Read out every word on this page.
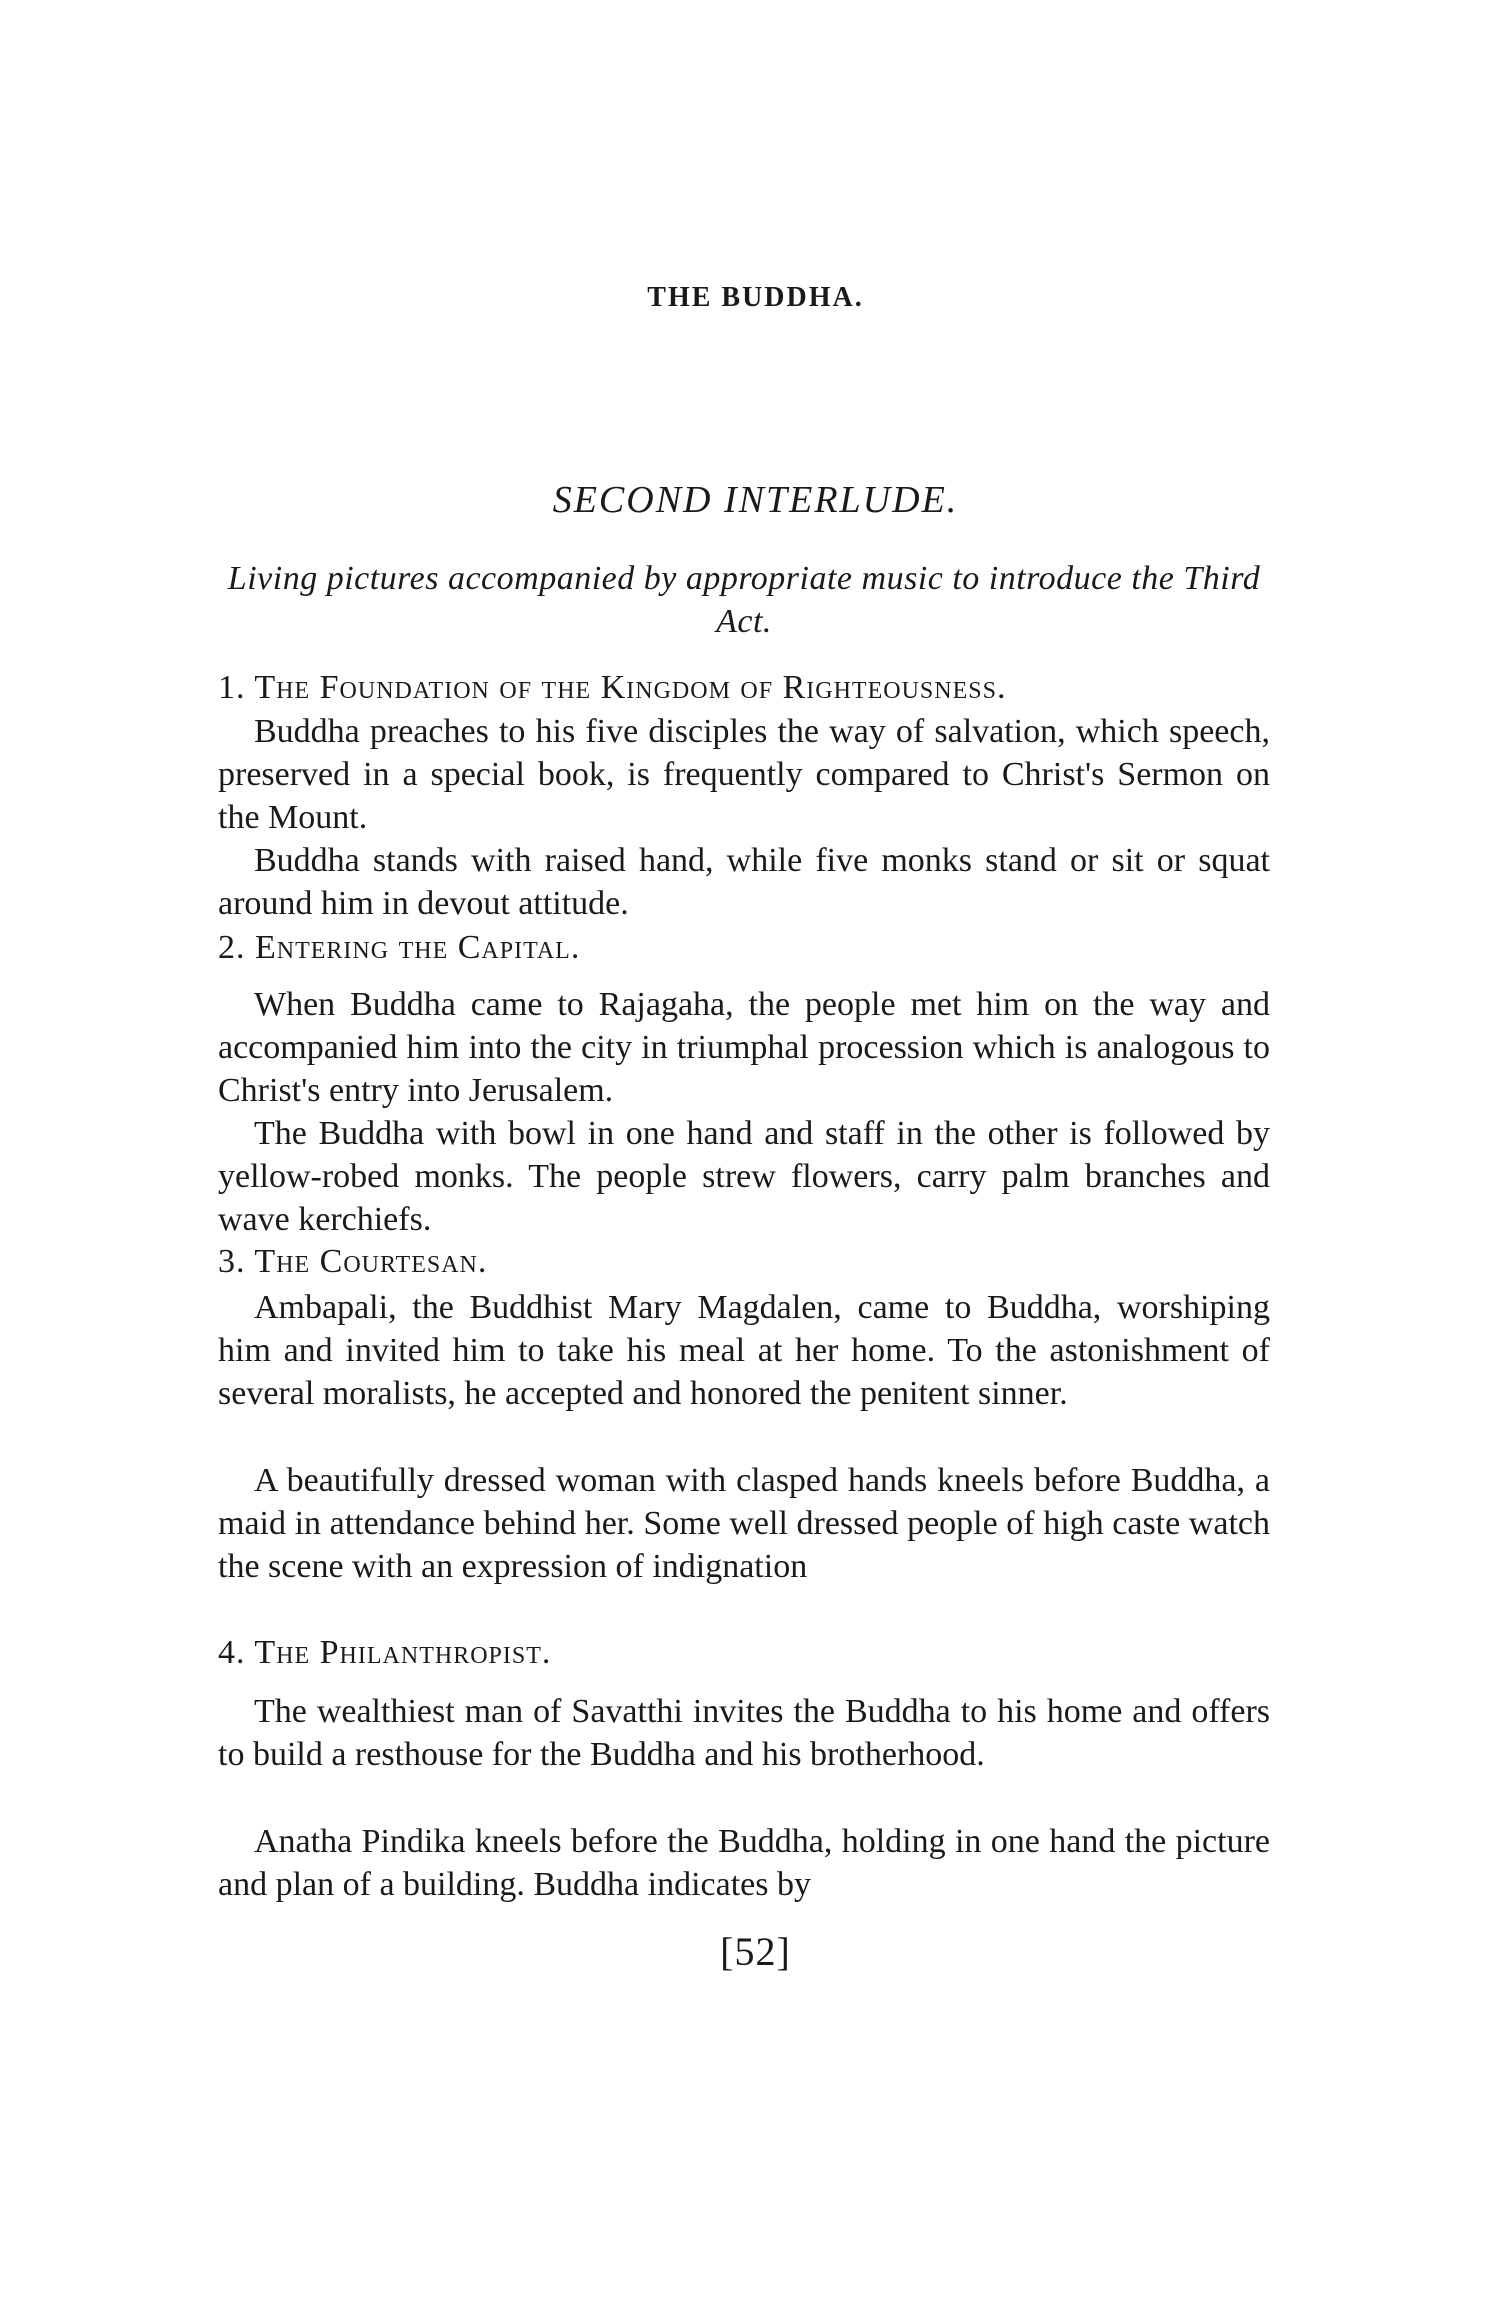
THE BUDDHA.
SECOND INTERLUDE.
Living pictures accompanied by appropriate music to introduce the Third Act.
1. The Foundation of the Kingdom of Righteousness.
Buddha preaches to his five disciples the way of salvation, which speech, preserved in a special book, is frequently compared to Christ's Sermon on the Mount.
Buddha stands with raised hand, while five monks stand or sit or squat around him in devout attitude.
2. Entering the Capital.
When Buddha came to Rajagaha, the people met him on the way and accompanied him into the city in triumphal procession which is analogous to Christ's entry into Jerusalem.
The Buddha with bowl in one hand and staff in the other is followed by yellow-robed monks. The people strew flowers, carry palm branches and wave kerchiefs.
3. The Courtesan.
Ambapali, the Buddhist Mary Magdalen, came to Buddha, worshiping him and invited him to take his meal at her home. To the astonishment of several moralists, he accepted and honored the penitent sinner.
A beautifully dressed woman with clasped hands kneels before Buddha, a maid in attendance behind her. Some well dressed people of high caste watch the scene with an expression of indignation
4. The Philanthropist.
The wealthiest man of Savatthi invites the Buddha to his home and offers to build a resthouse for the Buddha and his brotherhood.
Anatha Pindika kneels before the Buddha, holding in one hand the picture and plan of a building. Buddha indicates by
[52]
